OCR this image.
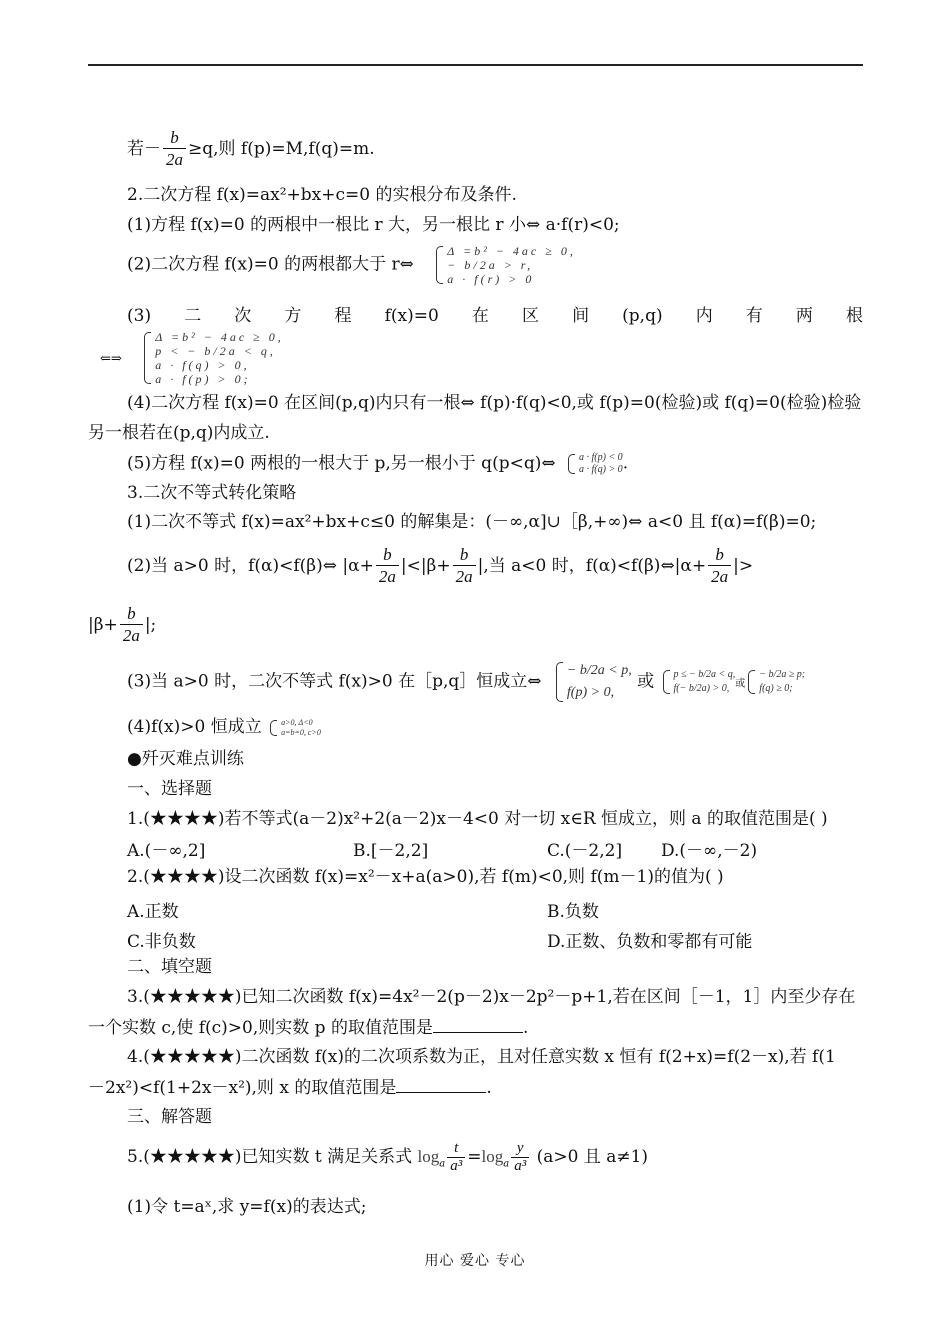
若－ $\frac{b}{2a} \ge q$,则 f(p)=M,f(q)=m.
2.二次方程 f(x)=ax²+bx+c=0 的实根分布及条件.
(1)方程 f(x)=0 的两根中一根比 r 大，另一根比 r 小⇔ a·f(r)<0;
(2)二次方程 f(x)=0 的两根都大于 r⇔
Δ =b² − 4ac ≥ 0,
− b/2a > r,
a · f(r) > 0
(3) 二 次 方 程 f(x)=0 在 区 间 (p,q) 内 有 两 根
⇐⇒
Δ =b² − 4ac ≥ 0,
p < − b/2a < q,
a · f(q) > 0,
a · f(p) > 0;
(4)二次方程 f(x)=0 在区间(p,q)内只有一根⇔ f(p)·f(q)<0,或 f(p)=0(检验)或 f(q)=0(检验)检验
另一根若在(p,q)内成立.
(5)方程 f(x)=0 两根的一根大于 p,另一根小于 q(p<q)⇔ a · f(p) < 0
a · f(q) > 0 .
3.二次不等式转化策略
(1)二次不等式 f(x)=ax²+bx+c≤0 的解集是：(－∞,α]∪［β,+∞)⇔ a<0 且 f(α)=f(β)=0;
(2)当 a>0 时，f(α)<f(β)⇔ $|\alpha+ \frac{b}{2a} |<|\beta+ \frac{b}{2a}$ |,当 a<0 时，f(α)<f(β)⇔|α+ $\frac{b}{2a}$ |>
$|\beta+ \frac{b}{2a}$ |;
(3)当 a>0 时，二次不等式 f(x)>0 在［p,q］恒成立⇔
− b/2a < p,
f(p) > 0,
或 p ≤ − b/2a < q,
f(− b/2a) > 0, 或
− b/2a ≥ p;
f(q) ≥ 0;
(4)f(x)>0 恒成立 a>0, Δ<0
a=b=0, c>0
●歼灭难点训练
一、选择题
1.(★★★★)若不等式(a－2)x²+2(a－2)x－4<0 对一切 x∈R 恒成立，则 a 的取值范围是( )
A.(－∞,2]	B.[－2,2]	C.(－2,2] D.(－∞,－2)
2.(★★★★)设二次函数 f(x)=x²－x+a(a>0),若 f(m)<0,则 f(m－1)的值为( )
A.正数	B.负数
C.非负数	D.正数、负数和零都有可能
二、填空题
3.(★★★★★)已知二次函数 f(x)=4x²－2(p－2)x－2p²－p+1,若在区间［－1，1］内至少存在
一个实数 c,使 f(c)>0,则实数 p 的取值范围是	.
4.(★★★★★)二次函数 f(x)的二次项系数为正，且对任意实数 x 恒有 f(2+x)=f(2－x),若 f(1
－2x²)<f(1+2x－x²),则 x 的取值范围是	.
三、解答题
5.(★★★★★)已知实数 t 满足关系式 $\log_a \frac{t}{\text{a³}} =\log_a \frac{y}{\text{a³}} (a>0$ 且 a≠1)
(1)令 t=aˣ,求 y=f(x)的表达式;
用心 爱心 专心
